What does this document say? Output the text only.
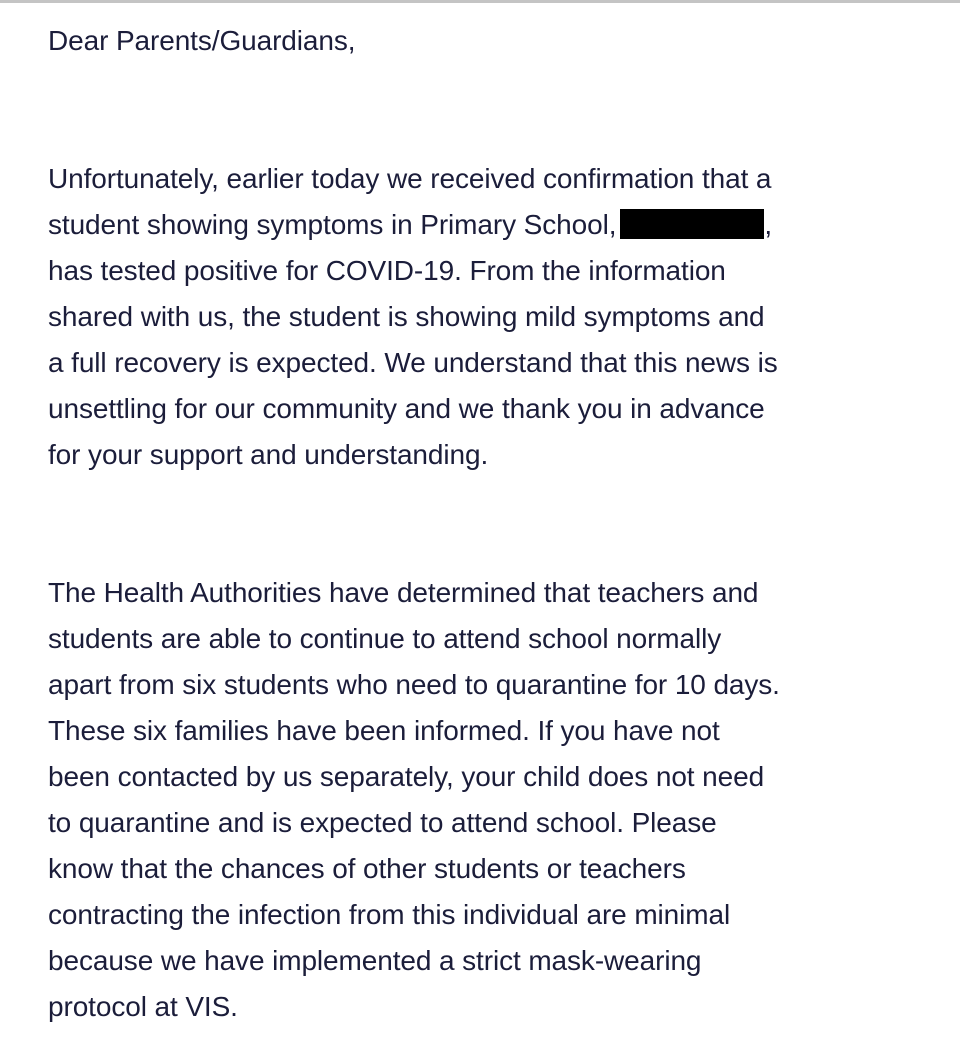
Dear Parents/Guardians,

Unfortunately, earlier today we received confirmation that a
student showing symptoms in Primary School,	,
has tested positive for COVID-19. From the information
shared with us, the student is showing mild symptoms and
a full recovery is expected. We understand that this news is
unsettling for our community and we thank you in advance
for your support and understanding.

The Health Authorities have determined that teachers and
students are able to continue to attend school normally
apart from six students who need to quarantine for 10 days.
These six families have been informed. If you have not
been contacted by us separately, your child does not need
to quarantine and is expected to attend school. Please
know that the chances of other students or teachers
contracting the infection from this individual are minimal
because we have implemented a strict mask-wearing
protocol at VIS.
